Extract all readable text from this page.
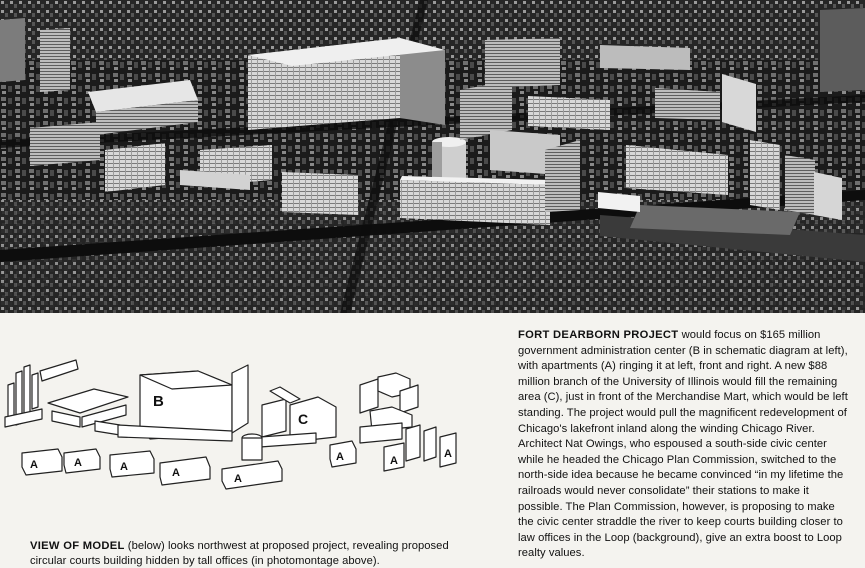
B
C
A	A	A	A	A
A	A
A

FORT DEARBORN PROJECT would focus on $165 million government administration center (B in schematic diagram at left), with apartments (A) ringing it at left, front and right. A new $88 million branch of the University of Illinois would fill the remaining area (C), just in front of the Merchandise Mart, which would be left standing. The project would pull the magnificent redevelopment of Chicago's lakefront inland along the winding Chicago River. Architect Nat Owings, who espoused a south-side civic center while he headed the Chicago Plan Commission, switched to the north-side idea because he became convinced “in my lifetime the railroads would never consolidate” their stations to make it possible. The Plan Commission, however, is proposing to make the civic center straddle the river to keep courts building closer to law offices in the Loop (background), give an extra boost to Loop realty values.

VIEW OF MODEL (below) looks northwest at proposed project, revealing proposed circular courts building hidden by tall offices (in photomontage above).
